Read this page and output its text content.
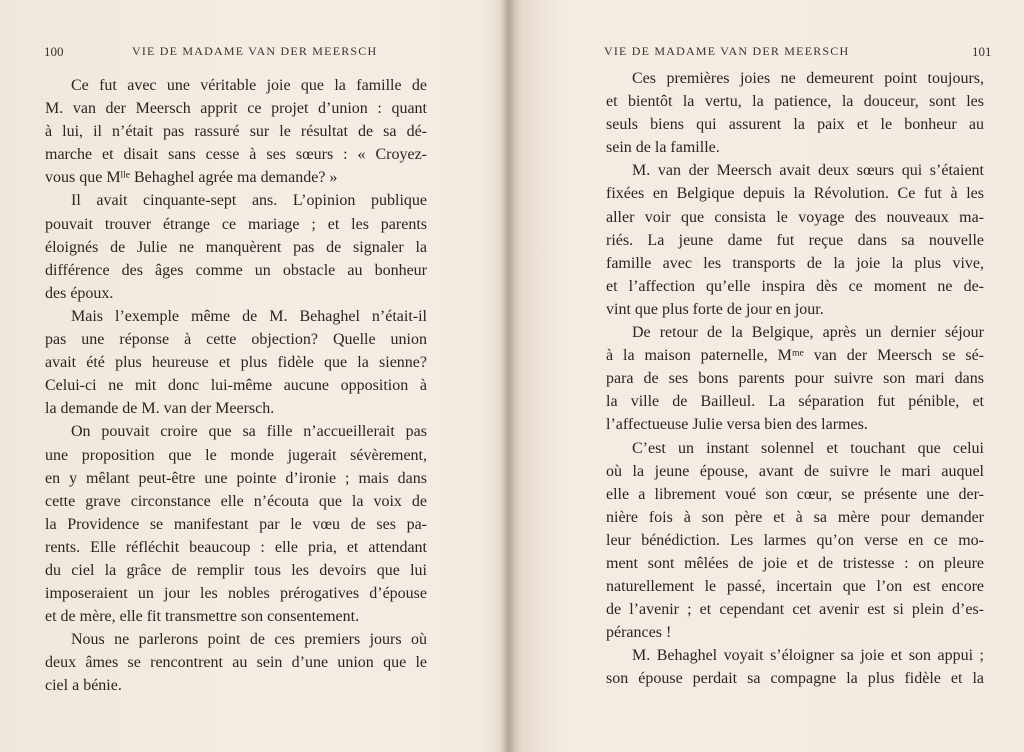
100	VIE DE MADAME VAN DER MEERSCH
Ce fut avec une véritable joie que la famille de
M. van der Meersch apprit ce projet d’union : quant
à lui, il n’était pas rassuré sur le résultat de sa dé-
marche et disait sans cesse à ses sœurs : « Croyez-
vous que Mˡˡᵉ Behaghel agrée ma demande? »
Il avait cinquante-sept ans. L’opinion publique
pouvait trouver étrange ce mariage ; et les parents
éloignés de Julie ne manquèrent pas de signaler la
différence des âges comme un obstacle au bonheur
des époux.
Mais l’exemple même de M. Behaghel n’était-il
pas une réponse à cette objection? Quelle union
avait été plus heureuse et plus fidèle que la sienne?
Celui-ci ne mit donc lui-même aucune opposition à
la demande de M. van der Meersch.
On pouvait croire que sa fille n’accueillerait pas
une proposition que le monde jugerait sévèrement,
en y mêlant peut-être une pointe d’ironie ; mais dans
cette grave circonstance elle n’écouta que la voix de
la Providence se manifestant par le vœu de ses pa-
rents. Elle réfléchit beaucoup : elle pria, et attendant
du ciel la grâce de remplir tous les devoirs que lui
imposeraient un jour les nobles prérogatives d’épouse
et de mère, elle fit transmettre son consentement.
Nous ne parlerons point de ces premiers jours où
deux âmes se rencontrent au sein d’une union que le
ciel a bénie.
VIE DE MADAME VAN DER MEERSCH	101
Ces premières joies ne demeurent point toujours,
et bientôt la vertu, la patience, la douceur, sont les
seuls biens qui assurent la paix et le bonheur au
sein de la famille.
M. van der Meersch avait deux sœurs qui s’étaient
fixées en Belgique depuis la Révolution. Ce fut à les
aller voir que consista le voyage des nouveaux ma-
riés. La jeune dame fut reçue dans sa nouvelle
famille avec les transports de la joie la plus vive,
et l’affection qu’elle inspira dès ce moment ne de-
vint que plus forte de jour en jour.
De retour de la Belgique, après un dernier séjour
à la maison paternelle, Mᵐᵉ van der Meersch se sé-
para de ses bons parents pour suivre son mari dans
la ville de Bailleul. La séparation fut pénible, et
l’affectueuse Julie versa bien des larmes.
C’est un instant solennel et touchant que celui
où la jeune épouse, avant de suivre le mari auquel
elle a librement voué son cœur, se présente une der-
nière fois à son père et à sa mère pour demander
leur bénédiction. Les larmes qu’on verse en ce mo-
ment sont mêlées de joie et de tristesse : on pleure
naturellement le passé, incertain que l’on est encore
de l’avenir ; et cependant cet avenir est si plein d’es-
pérances !
M. Behaghel voyait s’éloigner sa joie et son appui ;
son épouse perdait sa compagne la plus fidèle et la
